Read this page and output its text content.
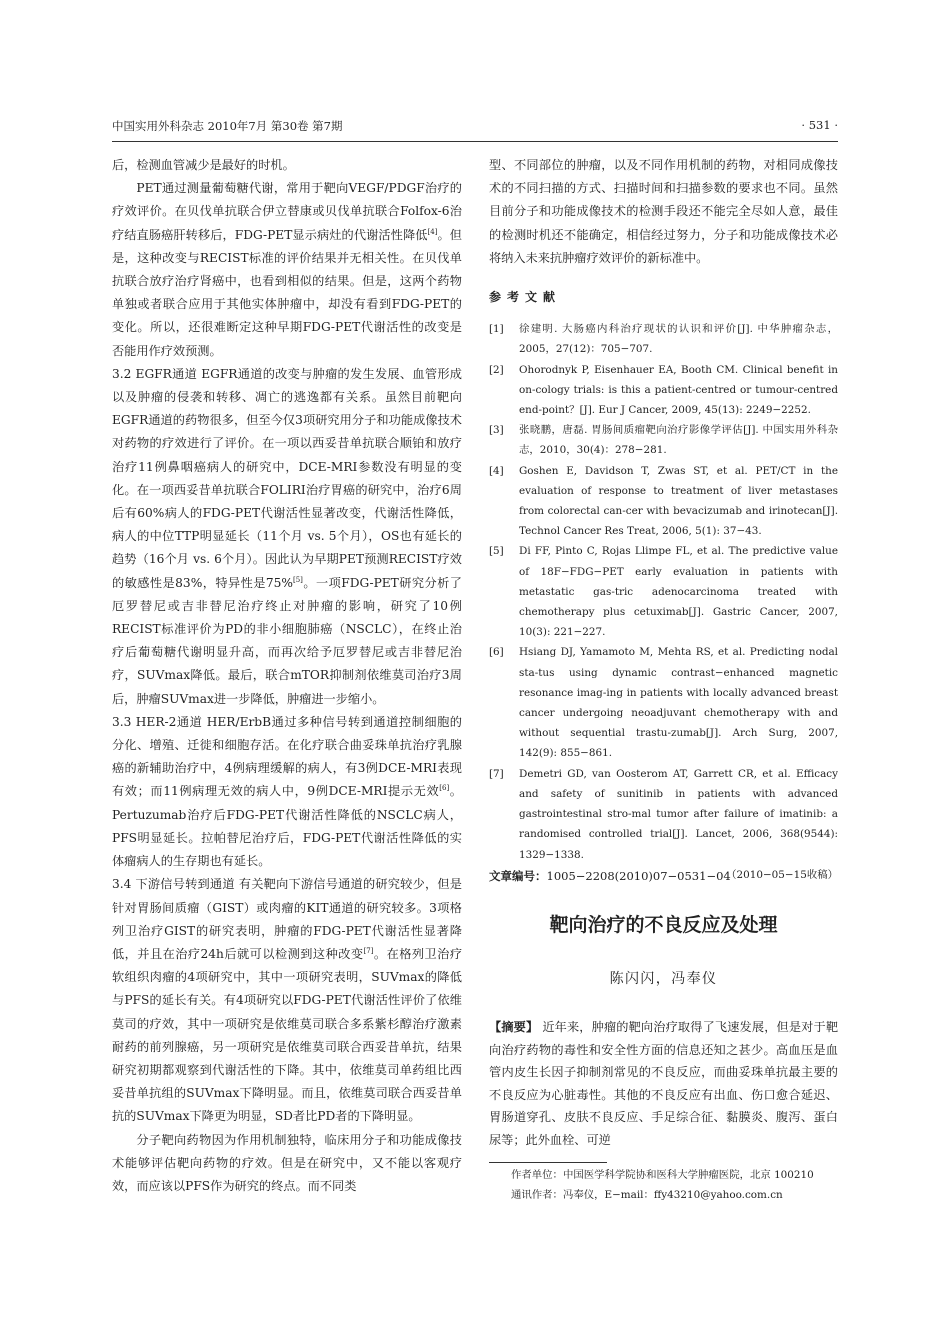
中国实用外科杂志 2010年7月 第30卷 第7期	· 531 ·

后，检测血管减少是最好的时机。

PET通过测量葡萄糖代谢，常用于靶向VEGF/PDGF治疗的疗效评价。在贝伐单抗联合伊立替康或贝伐单抗联合Folfox-6治疗结直肠癌肝转移后，FDG-PET显示病灶的代谢活性降低[4]。但是，这种改变与RECIST标准的评价结果并无相关性。在贝伐单抗联合放疗治疗肾癌中，也看到相似的结果。但是，这两个药物单独或者联合应用于其他实体肿瘤中，却没有看到FDG-PET的变化。所以，还很难断定这种早期FDG-PET代谢活性的改变是否能用作疗效预测。

3.2 EGFR通道 EGFR通道的改变与肿瘤的发生发展、血管形成以及肿瘤的侵袭和转移、凋亡的逃逸都有关系。虽然目前靶向EGFR通道的药物很多，但至今仅3项研究用分子和功能成像技术对药物的疗效进行了评价。在一项以西妥昔单抗联合顺铂和放疗治疗11例鼻咽癌病人的研究中，DCE-MRI参数没有明显的变化。在一项西妥昔单抗联合FOLIRI治疗胃癌的研究中，治疗6周后有60%病人的FDG-PET代谢活性显著改变，代谢活性降低，病人的中位TTP明显延长（11个月 vs. 5个月），OS也有延长的趋势（16个月 vs. 6个月）。因此认为早期PET预测RECIST疗效的敏感性是83%，特异性是75%[5]。一项FDG-PET研究分析了厄罗替尼或吉非替尼治疗终止对肿瘤的影响，研究了10例RECIST标准评价为PD的非小细胞肺癌（NSCLC），在终止治疗后葡萄糖代谢明显升高，而再次给予厄罗替尼或吉非替尼治疗，SUVmax降低。最后，联合mTOR抑制剂依维莫司治疗3周后，肿瘤SUVmax进一步降低，肿瘤进一步缩小。

3.3 HER-2通道 HER/ErbB通过多种信号转到通道控制细胞的分化、增殖、迁徙和细胞存活。在化疗联合曲妥珠单抗治疗乳腺癌的新辅助治疗中，4例病理缓解的病人，有3例DCE-MRI表现有效；而11例病理无效的病人中，9例DCE-MRI提示无效[6]。Pertuzumab治疗后FDG-PET代谢活性降低的NSCLC病人，PFS明显延长。拉帕替尼治疗后，FDG-PET代谢活性降低的实体瘤病人的生存期也有延长。

3.4 下游信号转到通道 有关靶向下游信号通道的研究较少，但是针对胃肠间质瘤（GIST）或肉瘤的KIT通道的研究较多。3项格列卫治疗GIST的研究表明，肿瘤的FDG-PET代谢活性显著降低，并且在治疗24h后就可以检测到这种改变[7]。在格列卫治疗软组织肉瘤的4项研究中，其中一项研究表明，SUVmax的降低与PFS的延长有关。有4项研究以FDG-PET代谢活性评价了依维莫司的疗效，其中一项研究是依维莫司联合多系紫杉醇治疗激素耐药的前列腺癌，另一项研究是依维莫司联合西妥昔单抗，结果研究初期都观察到代谢活性的下降。其中，依维莫司单药组比西妥昔单抗组的SUVmax下降明显。而且，依维莫司联合西妥昔单抗的SUVmax下降更为明显，SD者比PD者的下降明显。

分子靶向药物因为作用机制独特，临床用分子和功能成像技术能够评估靶向药物的疗效。但是在研究中，又不能以客观疗效，而应该以PFS作为研究的终点。而不同类

型、不同部位的肿瘤，以及不同作用机制的药物，对相同成像技术的不同扫描的方式、扫描时间和扫描参数的要求也不同。虽然目前分子和功能成像技术的检测手段还不能完全尽如人意，最佳的检测时机还不能确定，相信经过努力，分子和功能成像技术必将纳入未来抗肿瘤疗效评价的新标准中。

参考文献
[1]	徐建明. 大肠癌内科治疗现状的认识和评价[J]. 中华肿瘤杂志，2005，27(12)：705−707.
[2]	Ohorodnyk P, Eisenhauer EA, Booth CM. Clinical benefit in on-cology trials: is this a patient-centred or tumour-centred end-point？[J]. Eur J Cancer, 2009, 45(13): 2249−2252.
[3]	张晓鹏，唐磊. 胃肠间质瘤靶向治疗影像学评估[J]. 中国实用外科杂志，2010，30(4)：278−281.
[4]	Goshen E, Davidson T, Zwas ST, et al. PET/CT in the evaluation of response to treatment of liver metastases from colorectal can-cer with bevacizumab and irinotecan[J]. Technol Cancer Res Treat, 2006, 5(1): 37−43.
[5]	Di FF, Pinto C, Rojas Llimpe FL, et al. The predictive value of 18F−FDG−PET early evaluation in patients with metastatic gas-tric adenocarcinoma treated with chemotherapy plus cetuximab[J]. Gastric Cancer, 2007, 10(3): 221−227.
[6]	Hsiang DJ, Yamamoto M, Mehta RS, et al. Predicting nodal sta-tus using dynamic contrast−enhanced magnetic resonance imag-ing in patients with locally advanced breast cancer undergoing neoadjuvant chemotherapy with and without sequential trastu-zumab[J]. Arch Surg, 2007, 142(9): 855−861.
[7]	Demetri GD, van Oosterom AT, Garrett CR, et al. Efficacy and safety of sunitinib in patients with advanced gastrointestinal stro-mal tumor after failure of imatinib: a randomised controlled trial[J]. Lancet, 2006, 368(9544): 1329−1338.
（2010−05−15收稿）
文章编号：1005−2208(2010)07−0531−04
靶向治疗的不良反应及处理
陈闪闪，冯奉仪
【摘要】 近年来，肿瘤的靶向治疗取得了飞速发展，但是对于靶向治疗药物的毒性和安全性方面的信息还知之甚少。高血压是血管内皮生长因子抑制剂常见的不良反应，而曲妥珠单抗最主要的不良反应为心脏毒性。其他的不良反应有出血、伤口愈合延迟、胃肠道穿孔、皮肤不良反应、手足综合征、黏膜炎、腹泻、蛋白尿等；此外血栓、可逆

作者单位：中国医学科学院协和医科大学肿瘤医院，北京 100210

通讯作者：冯奉仪，E−mail：ffy43210@yahoo.com.cn
